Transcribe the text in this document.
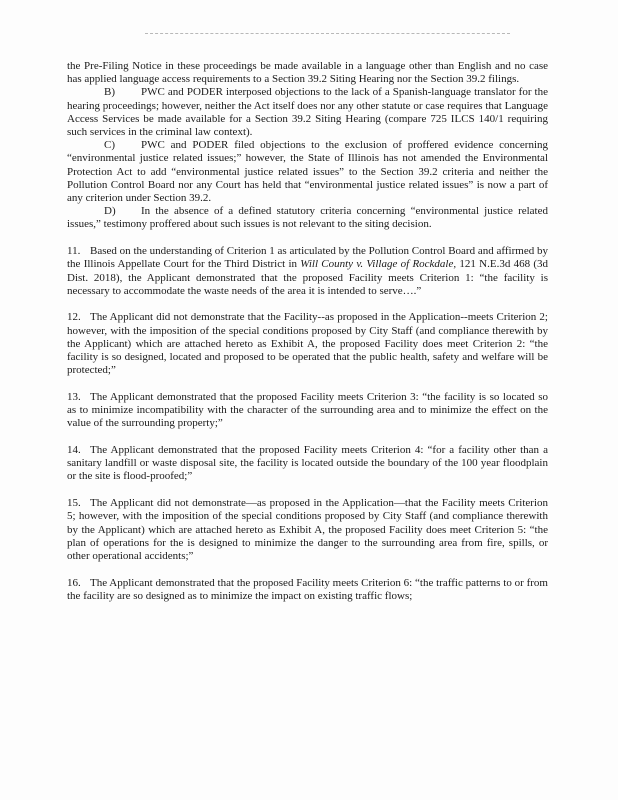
the Pre-Filing Notice in these proceedings be made available in a language other than English and no case has applied language access requirements to a Section 39.2 Siting Hearing nor the Section 39.2 filings.

B) PWC and PODER interposed objections to the lack of a Spanish-language translator for the hearing proceedings; however, neither the Act itself does nor any other statute or case requires that Language Access Services be made available for a Section 39.2 Siting Hearing (compare 725 ILCS 140/1 requiring such services in the criminal law context).

C) PWC and PODER filed objections to the exclusion of proffered evidence concerning “environmental justice related issues;” however, the State of Illinois has not amended the Environmental Protection Act to add “environmental justice related issues” to the Section 39.2 criteria and neither the Pollution Control Board nor any Court has held that “environmental justice related issues” is now a part of any criterion under Section 39.2.

D) In the absence of a defined statutory criteria concerning “environmental justice related issues,” testimony proffered about such issues is not relevant to the siting decision.

11. Based on the understanding of Criterion 1 as articulated by the Pollution Control Board and affirmed by the Illinois Appellate Court for the Third District in Will County v. Village of Rockdale, 121 N.E.3d 468 (3d Dist. 2018), the Applicant demonstrated that the proposed Facility meets Criterion 1: “the facility is necessary to accommodate the waste needs of the area it is intended to serve….”

12. The Applicant did not demonstrate that the Facility--as proposed in the Application--meets Criterion 2; however, with the imposition of the special conditions proposed by City Staff (and compliance therewith by the Applicant) which are attached hereto as Exhibit A, the proposed Facility does meet Criterion 2: “the facility is so designed, located and proposed to be operated that the public health, safety and welfare will be protected;”

13. The Applicant demonstrated that the proposed Facility meets Criterion 3: “the facility is so located so as to minimize incompatibility with the character of the surrounding area and to minimize the effect on the value of the surrounding property;”

14. The Applicant demonstrated that the proposed Facility meets Criterion 4: “for a facility other than a sanitary landfill or waste disposal site, the facility is located outside the boundary of the 100 year floodplain or the site is flood-proofed;”

15. The Applicant did not demonstrate—as proposed in the Application—that the Facility meets Criterion 5; however, with the imposition of the special conditions proposed by City Staff (and compliance therewith by the Applicant) which are attached hereto as Exhibit A, the proposed Facility does meet Criterion 5: “the plan of operations for the is designed to minimize the danger to the surrounding area from fire, spills, or other operational accidents;”

16. The Applicant demonstrated that the proposed Facility meets Criterion 6: “the traffic patterns to or from the facility are so designed as to minimize the impact on existing traffic flows;
